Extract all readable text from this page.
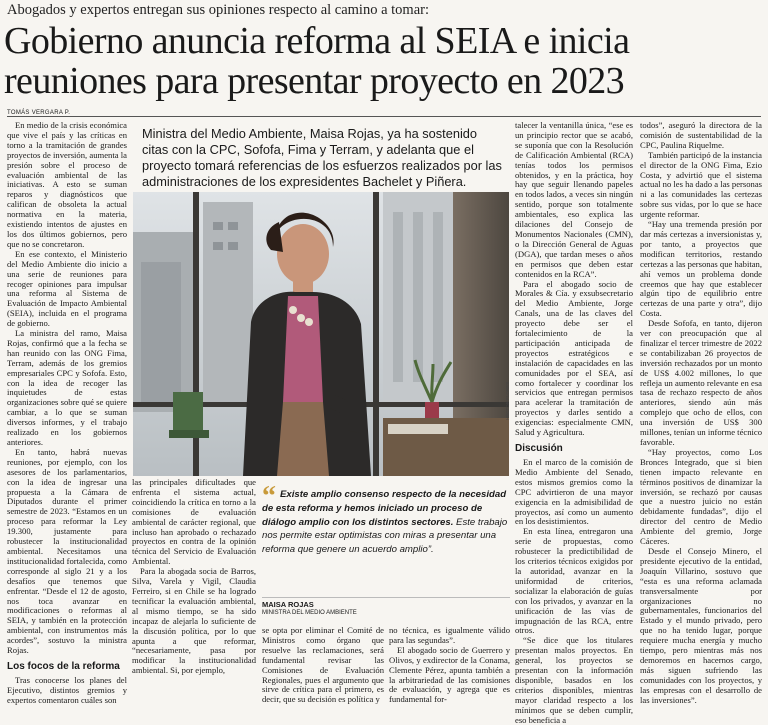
Abogados y expertos entregan sus opiniones respecto al camino a tomar:
Gobierno anuncia reforma al SEIA e inicia reuniones para presentar proyecto en 2023
TOMÁS VERGARA P.

En medio de la crisis económica que vive el país y las críticas en torno a la tramitación de grandes proyectos de inversión, aumenta la presión sobre el proceso de evaluación ambiental de las iniciativas. A esto se suman reparos y diagnósticos que califican de obsoleta la actual normativa en la materia, existiendo intentos de ajustes en los dos últimos gobiernos, pero que no se concretaron.

En ese contexto, el Ministerio del Medio Ambiente dio inicio a una serie de reuniones para recoger opiniones para impulsar una reforma al Sistema de Evaluación de Impacto Ambiental (SEIA), incluida en el programa de gobierno.

La ministra del ramo, Maisa Rojas, confirmó que a la fecha se han reunido con las ONG Fima, Terram, además de los gremios empresariales CPC y Sofofa. Esto, con la idea de recoger las inquietudes de estas organizaciones sobre qué se quiere cambiar, a lo que se suman diversos informes, y el trabajo realizado en los gobiernos anteriores.

En tanto, habrá nuevas reuniones, por ejemplo, con los asesores de los parlamentarios, con la idea de ingresar una propuesta a la Cámara de Diputados durante el primer semestre de 2023. “Estamos en un proceso para reformar la Ley 19.300, justamente para robustecer la institucionalidad ambiental. Necesitamos una institucionalidad fortalecida, como corresponde al siglo 21 y a los desafíos que tenemos que enfrentar. “Desde el 12 de agosto, nos toca avanzar en modificaciones o reformas al SEIA, y también en la protección ambiental, con instrumentos más acordes”, sostuvo la ministra Rojas.

Los focos de la reforma

Tras conocerse los planes del Ejecutivo, distintos gremios y expertos comentaron cuáles son

Ministra del Medio Ambiente, Maisa Rojas, ya ha sostenido citas con la CPC, Sofofa, Fima y Terram, y adelanta que el proyecto tomará referencias de los esfuerzos realizados por las administraciones de los expresidentes Bachelet y Piñera.
HÉCTOR FLORES

las principales dificultades que enfrenta el sistema actual, coincidiendo la crítica en torno a la comisiones de evaluación ambiental de carácter regional, que incluso han aprobado o rechazado proyectos en contra de la opinión técnica del Servicio de Evaluación Ambiental.

Para la abogada socia de Barros, Silva, Varela y Vigil, Claudia Ferreiro, si en Chile se ha logrado tecnificar la evaluación ambiental, al mismo tiempo, se ha sido incapaz de alejarla lo suficiente de la discusión política, por lo que apunta a que reformar, “necesariamente, pasa por modificar la institucionalidad ambiental. Si, por ejemplo,

“ Existe amplio consenso respecto de la necesidad de esta reforma y hemos iniciado un proceso de diálogo amplio con los distintos sectores. Este trabajo nos permite estar optimistas con miras a presentar una reforma que genere un acuerdo amplio”.
MAISA ROJAS
MINISTRA DEL MEDIO AMBIENTE

se opta por eliminar el Comité de Ministros como órgano que resuelve las reclamaciones, será fundamental revisar las Comisiones de Evaluación Regionales, pues el argumento que sirve de crítica para el primero, es decir, que su decisión es política y

no técnica, es igualmente válido para las segundas”.

El abogado socio de Guerrero y Olivos, y exdirector de la Conama, Clemente Pérez, apunta también a la arbitrariedad de las comisiones de evaluación, y agrega que es fundamental for-

talecer la ventanilla única, “ese es un principio rector que se acabó, se suponía que con la Resolución de Calificación Ambiental (RCA) tenías todos los permisos obtenidos, y en la práctica, hoy hay que seguir llenando papeles en todos lados, a veces sin ningún sentido, porque son totalmente ambientales, eso explica las dilaciones del Consejo de Monumentos Nacionales (CMN), o la Dirección General de Aguas (DGA), que tardan meses o años en permisos que deben estar contenidos en la RCA”.

Para el abogado socio de Morales & Cía. y exsubsecretario del Medio Ambiente, Jorge Canals, una de las claves del proyecto debe ser el fortalecimiento de la participación anticipada de proyectos estratégicos e instalación de capacidades en las comunidades por el SEA, así como fortalecer y coordinar los servicios que entregan permisos para acelerar la tramitación de proyectos y darles sentido a exigencias: especialmente CMN, Salud y Agricultura.

Discusión

En el marco de la comisión de Medio Ambiente del Senado, estos mismos gremios como la CPC advirtieron de una mayor exigencia en la admisibilidad de proyectos, así como un aumento en los desistimientos.

En esta línea, entregaron una serie de propuestas, como robustecer la predictibilidad de los criterios técnicos exigidos por la autoridad, avanzar en la uniformidad de criterios, socializar la elaboración de guías con los privados, y avanzar en la unificación de las vías de impugnación de las RCA, entre otros.

“Se dice que los titulares presentan malos proyectos. En general, los proyectos se presentan con la información disponible, basados en los criterios disponibles, mientras mayor claridad respecto a los mínimos que se deben cumplir, eso beneficia a

todos”, aseguró la directora de la comisión de sustentabilidad de la CPC, Paulina Riquelme.

También participó de la instancia el director de la ONG Fima, Ezio Costa, y advirtió que el sistema actual no les ha dado a las personas ni a las comunidades las certezas sobre sus vidas, por lo que se hace urgente reformar.

“Hay una tremenda presión por dar más certezas a inversionistas y, por tanto, a proyectos que modifican territorios, restando certezas a las personas que habitan, ahí vemos un problema donde creemos que hay que establecer algún tipo de equilibrio entre certezas de una parte y otra”, dijo Costa.

Desde Sofofa, en tanto, dijeron ver con preocupación que al finalizar el tercer trimestre de 2022 se contabilizaban 26 proyectos de inversión rechazados por un monto de US$ 4.002 millones, lo que refleja un aumento relevante en esa tasa de rechazo respecto de años anteriores, siendo aún más complejo que ocho de ellos, con una inversión de US$ 300 millones, tenían un informe técnico favorable.

“Hay proyectos, como Los Bronces Integrado, que si bien tienen impacto relevante en términos positivos de dinamizar la inversión, se rechazó por causas que a nuestro juicio no están debidamente fundadas”, dijo el director del centro de Medio Ambiente del gremio, Jorge Cáceres.

Desde el Consejo Minero, el presidente ejecutivo de la entidad, Joaquín Villarino, sostuvo que “esta es una reforma aclamada transversalmente por organizaciones no gubernamentales, funcionarios del Estado y el mundo privado, pero que no ha tenido lugar, porque requiere mucha energía y mucho tiempo, pero mientras más nos demoremos en hacernos cargo, más siguen sufriendo las comunidades con los proyectos, y las empresas con el desarrollo de las inversiones”.
